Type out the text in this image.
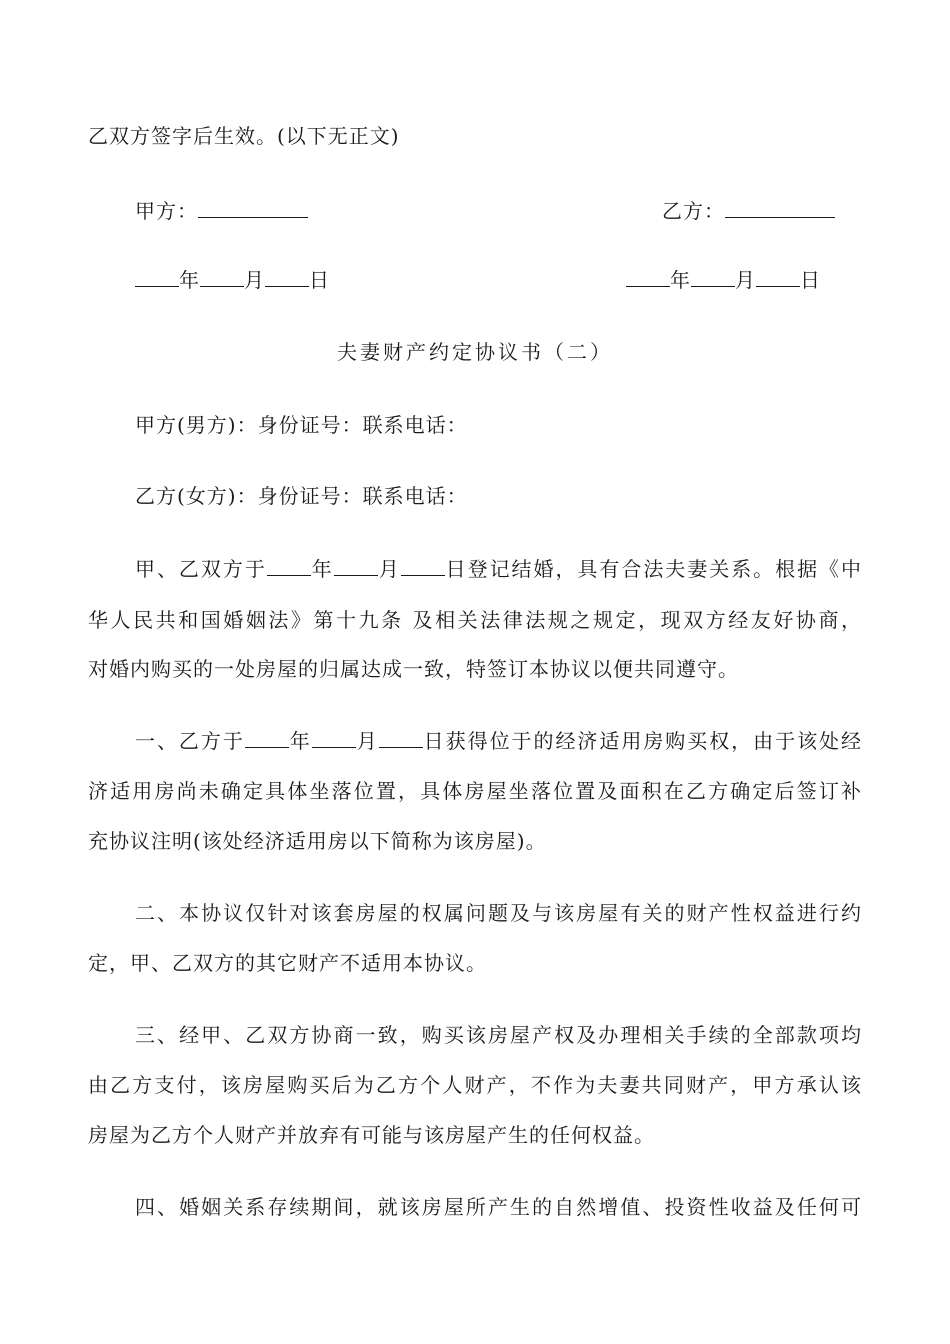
乙双方签字后生效。(以下无正文)
甲方：	乙方：
年 月 日	年 月 日
夫妻财产约定协议书（二）
甲方(男方)：身份证号：联系电话：
乙方(女方)：身份证号：联系电话：
甲、乙双方于 年 月 日登记结婚，具有合法夫妻关系。根据《中
华人民共和国婚姻法》第十九条 及相关法律法规之规定，现双方经友好协商，
对婚内购买的一处房屋的归属达成一致，特签订本协议以便共同遵守。
一、乙方于 年 月 日获得位于的经济适用房购买权，由于该处经
济适用房尚未确定具体坐落位置，具体房屋坐落位置及面积在乙方确定后签订补
充协议注明(该处经济适用房以下简称为该房屋)。
二、本协议仅针对该套房屋的权属问题及与该房屋有关的财产性权益进行约
定，甲、乙双方的其它财产不适用本协议。
三、经甲、乙双方协商一致，购买该房屋产权及办理相关手续的全部款项均
由乙方支付，该房屋购买后为乙方个人财产，不作为夫妻共同财产，甲方承认该
房屋为乙方个人财产并放弃有可能与该房屋产生的任何权益。
四、婚姻关系存续期间，就该房屋所产生的自然增值、投资性收益及任何可
